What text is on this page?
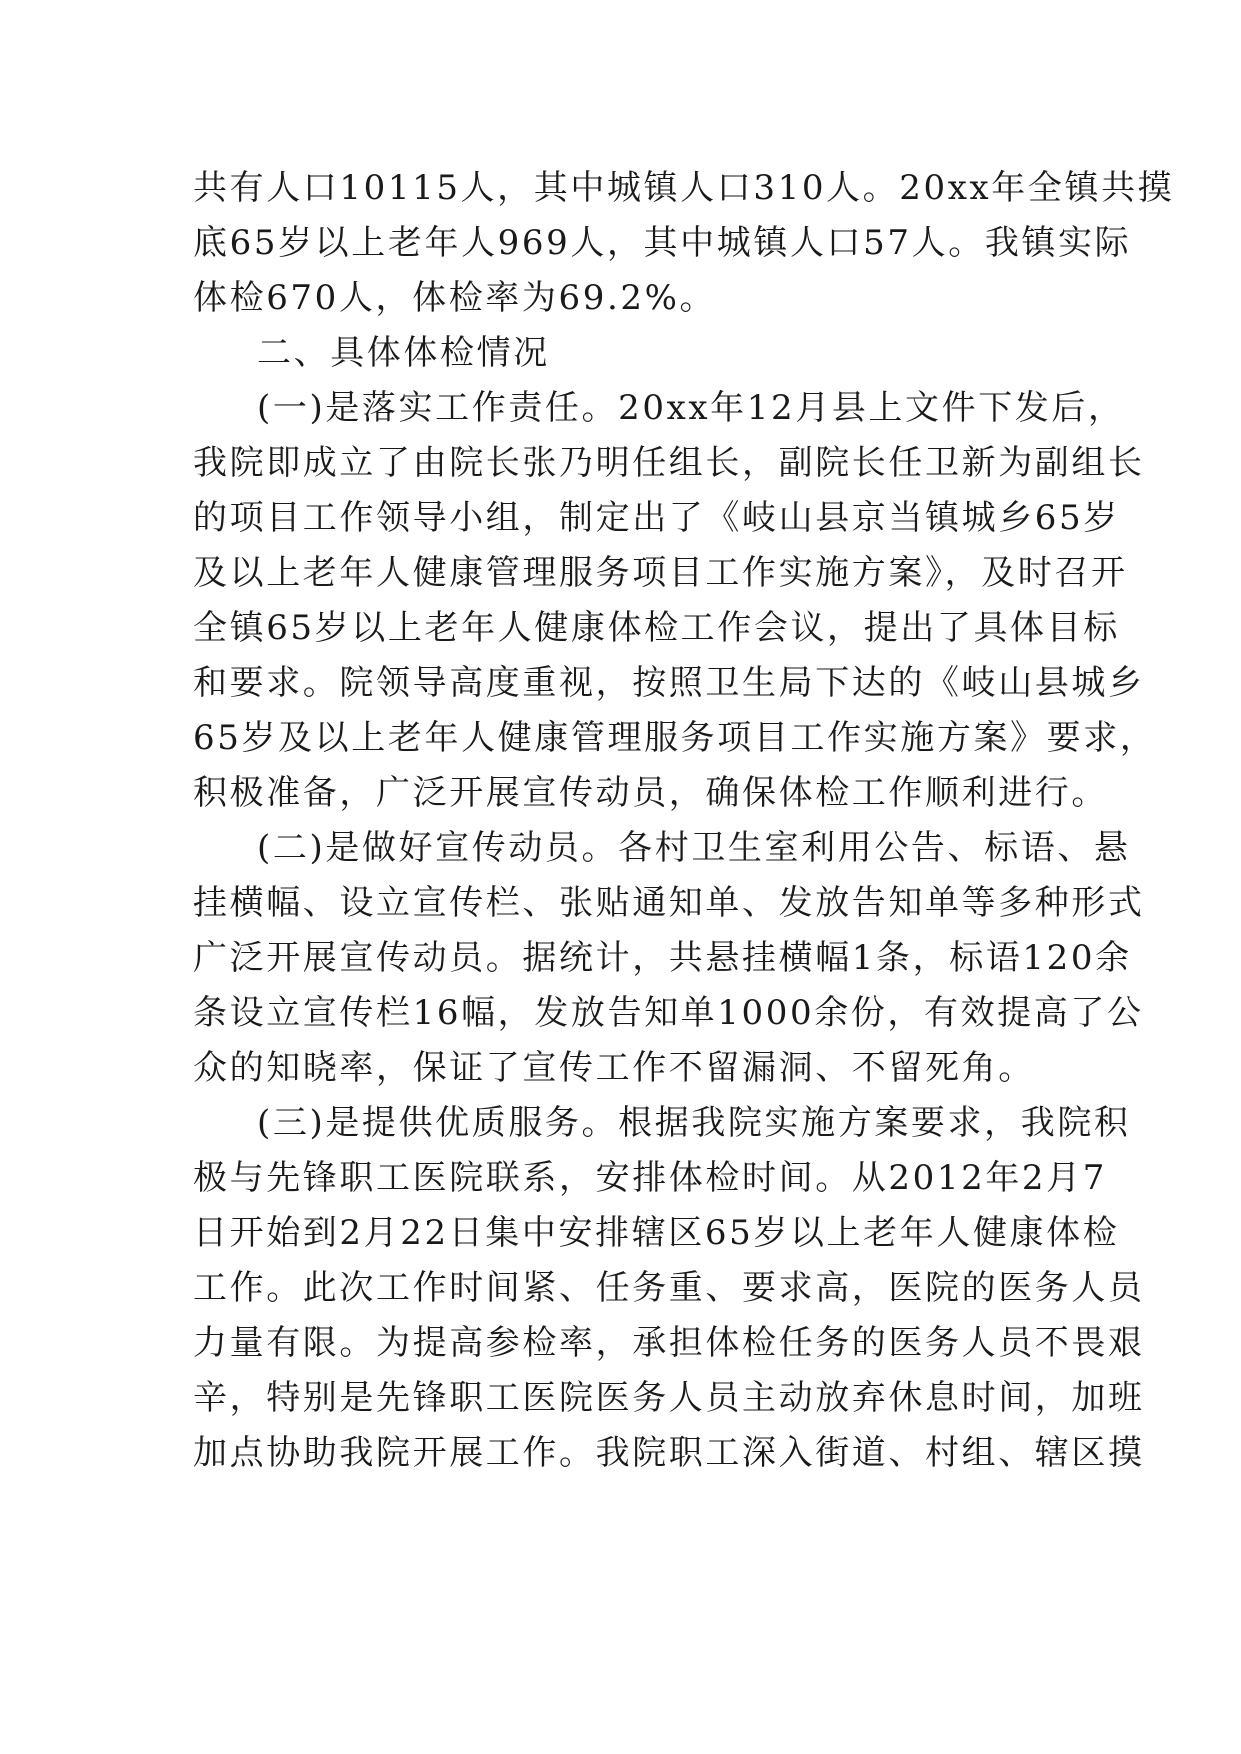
共有人口10115人，其中城镇人口310人。20xx年全镇共摸
底65岁以上老年人969人，其中城镇人口57人。我镇实际
体检670人，体检率为69.2%。
二、具体体检情况
(一)是落实工作责任。20xx年12月县上文件下发后，
我院即成立了由院长张乃明任组长，副院长任卫新为副组长
的项目工作领导小组，制定出了《岐山县京当镇城乡65岁
及以上老年人健康管理服务项目工作实施方案》，及时召开
全镇65岁以上老年人健康体检工作会议，提出了具体目标
和要求。院领导高度重视，按照卫生局下达的《岐山县城乡
65岁及以上老年人健康管理服务项目工作实施方案》要求，
积极准备，广泛开展宣传动员，确保体检工作顺利进行。
(二)是做好宣传动员。各村卫生室利用公告、标语、悬
挂横幅、设立宣传栏、张贴通知单、发放告知单等多种形式
广泛开展宣传动员。据统计，共悬挂横幅1条，标语120余
条设立宣传栏16幅，发放告知单1000余份，有效提高了公
众的知晓率，保证了宣传工作不留漏洞、不留死角。
(三)是提供优质服务。根据我院实施方案要求，我院积
极与先锋职工医院联系，安排体检时间。从2012年2月7
日开始到2月22日集中安排辖区65岁以上老年人健康体检
工作。此次工作时间紧、任务重、要求高，医院的医务人员
力量有限。为提高参检率，承担体检任务的医务人员不畏艰
辛，特别是先锋职工医院医务人员主动放弃休息时间，加班
加点协助我院开展工作。我院职工深入街道、村组、辖区摸
